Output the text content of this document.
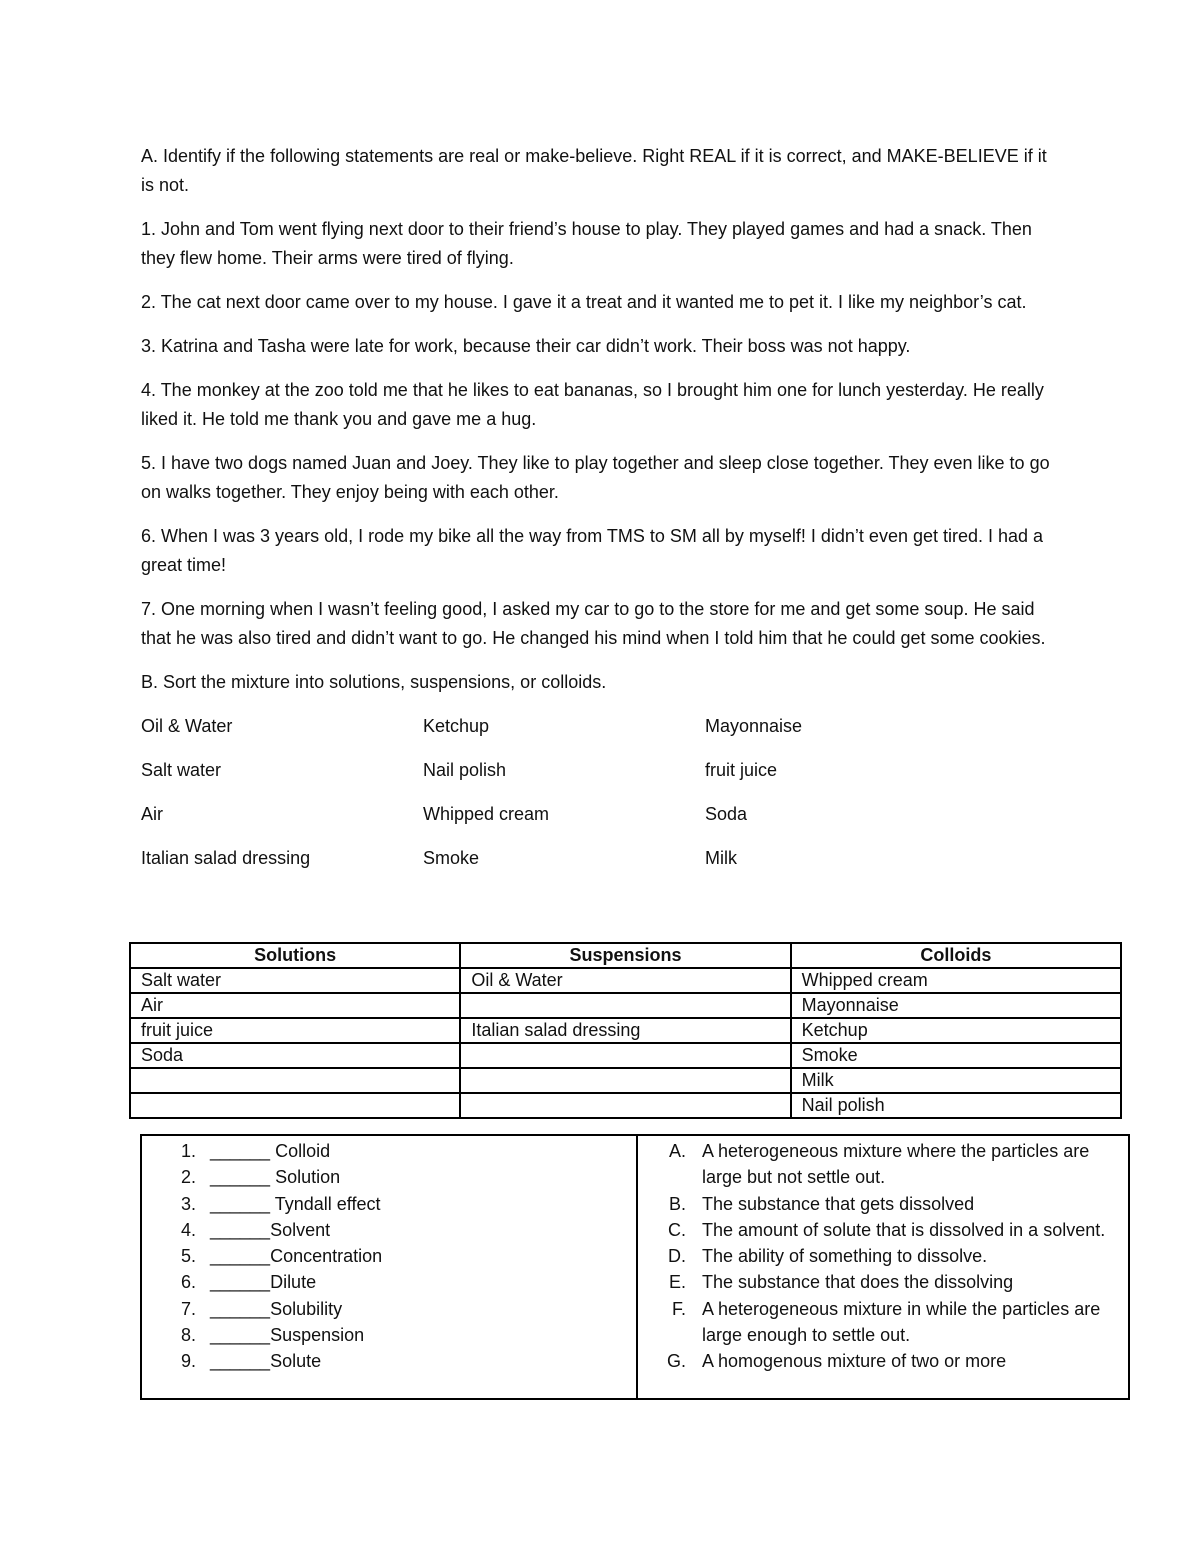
A. Identify if the following statements are real or make-believe. Right REAL if it is correct, and MAKE-BELIEVE if it is not.

1. John and Tom went flying next door to their friend’s house to play. They played games and had a snack. Then they flew home. Their arms were tired of flying.

2. The cat next door came over to my house. I gave it a treat and it wanted me to pet it. I like my neighbor’s cat.

3. Katrina and Tasha were late for work, because their car didn’t work. Their boss was not happy.

4. The monkey at the zoo told me that he likes to eat bananas, so I brought him one for lunch yesterday. He really liked it. He told me thank you and gave me a hug.

5. I have two dogs named Juan and Joey. They like to play together and sleep close together. They even like to go on walks together. They enjoy being with each other.

6. When I was 3 years old, I rode my bike all the way from TMS to SM all by myself! I didn’t even get tired. I had a great time!

7. One morning when I wasn’t feeling good, I asked my car to go to the store for me and get some soup. He said that he was also tired and didn’t want to go. He changed his mind when I told him that he could get some cookies.

B. Sort the mixture into solutions, suspensions, or colloids.

Oil & Water	Ketchup	Mayonnaise
Salt water	Nail polish	fruit juice
Air	Whipped cream	Soda
Italian salad dressing	Smoke	Milk
Solutions	Suspensions	Colloids
Salt water	Oil & Water	Whipped cream
Air		Mayonnaise
fruit juice	Italian salad dressing	Ketchup
Soda		Smoke
		Milk
		Nail polish
1. ______ Colloid
2. ______ Solution
3. ______ Tyndall effect
4. ______Solvent
5. ______Concentration
6. ______Dilute
7. ______Solubility
8. ______Suspension
9. ______Solute
A. A heterogeneous mixture where the particles are large but not settle out.
B. The substance that gets dissolved
C. The amount of solute that is dissolved in a solvent.
D. The ability of something to dissolve.
E. The substance that does the dissolving
F. A heterogeneous mixture in while the particles are large enough to settle out.
G. A homogenous mixture of two or more
